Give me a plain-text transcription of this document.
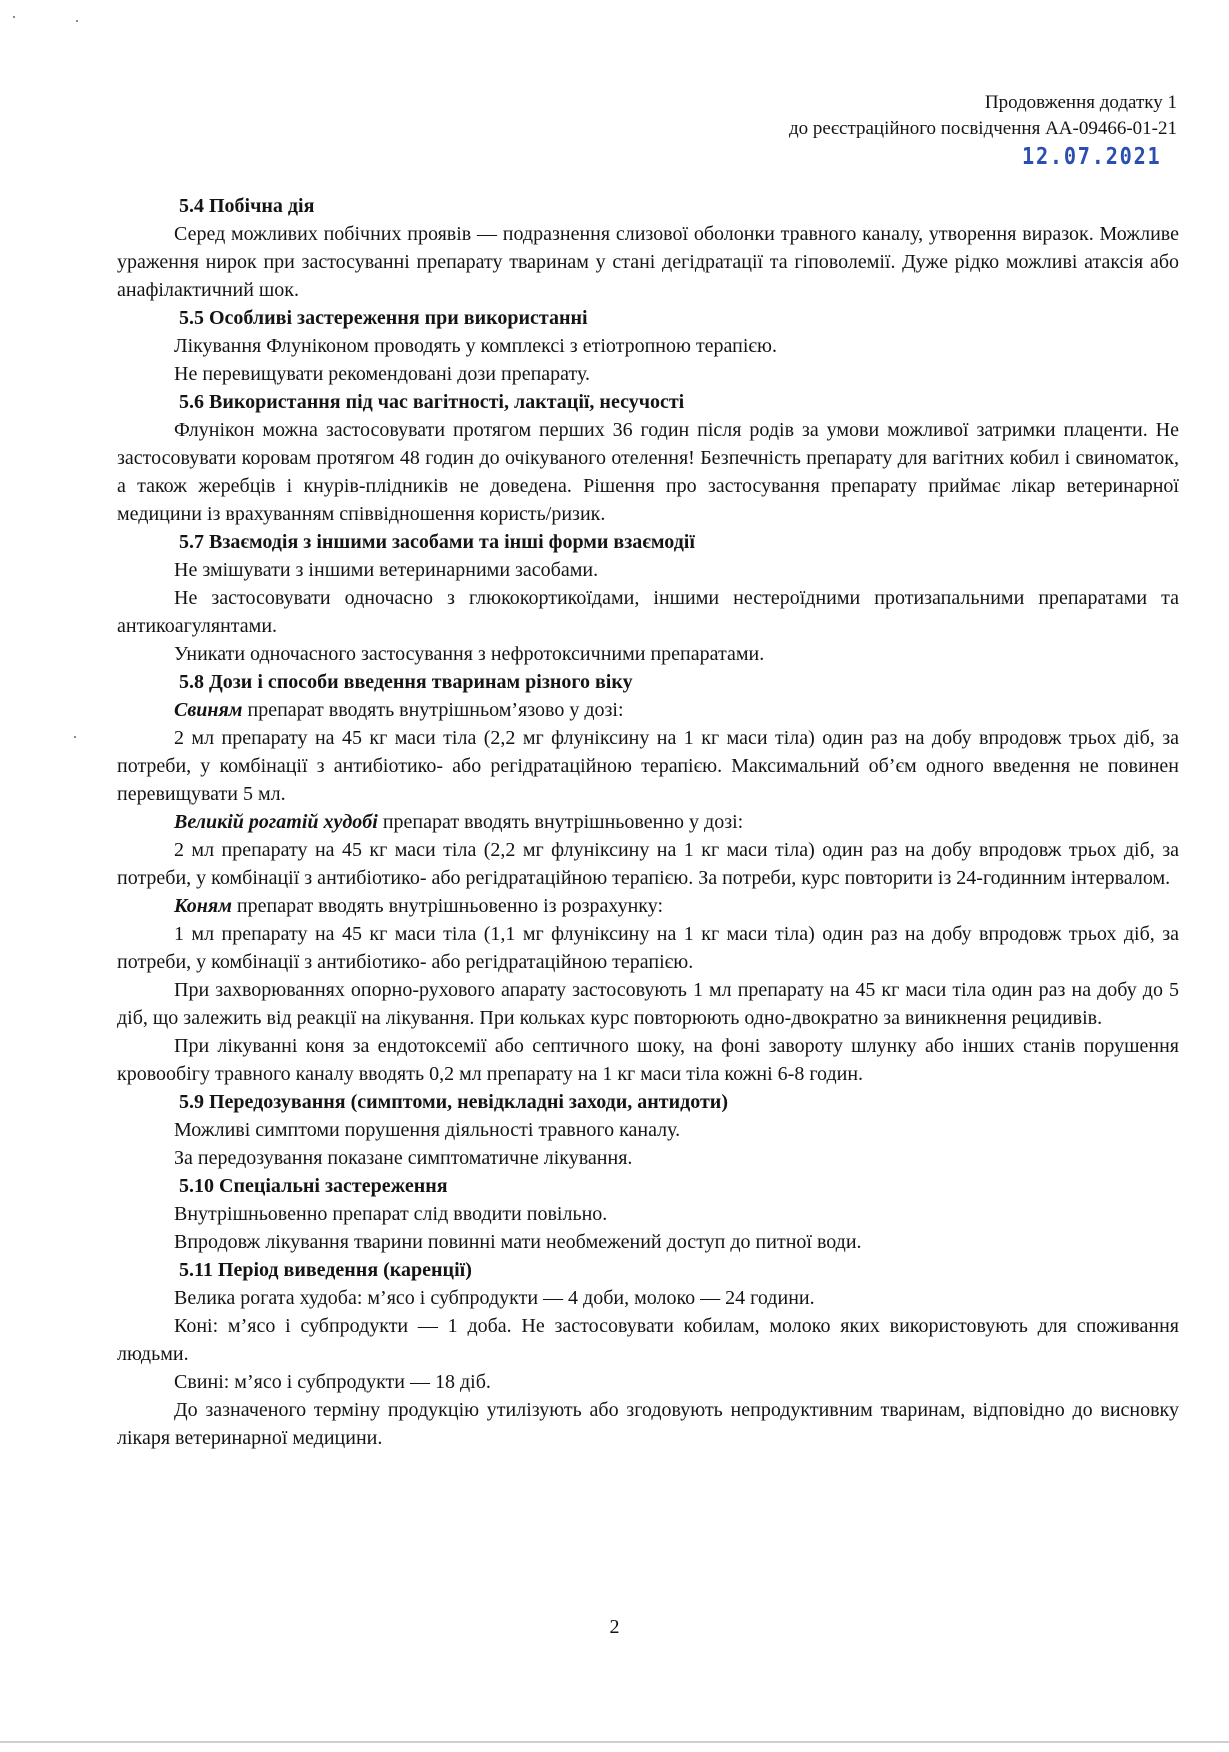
Продовження додатку 1
до реєстраційного посвідчення АА-09466-01-21
12.07.2021
5.4 Побічна дія

Серед можливих побічних проявів — подразнення слизової оболонки травного каналу, утворення виразок. Можливе ураження нирок при застосуванні препарату тваринам у стані дегідратації та гіповолемії. Дуже рідко можливі атаксія або анафілактичний шок.

5.5 Особливі застереження при використанні

Лікування Флуніконом проводять у комплексі з етіотропною терапією.

Не перевищувати рекомендовані дози препарату.

5.6 Використання під час вагітності, лактації, несучості

Флунікон можна застосовувати протягом перших 36 годин після родів за умови можливої затримки плаценти. Не застосовувати коровам протягом 48 годин до очікуваного отелення! Безпечність препарату для вагітних кобил і свиноматок, а також жеребців і кнурів-плідників не доведена. Рішення про застосування препарату приймає лікар ветеринарної медицини із врахуванням співвідношення користь/ризик.

5.7 Взаємодія з іншими засобами та інші форми взаємодії

Не змішувати з іншими ветеринарними засобами.

Не застосовувати одночасно з глюкокортикоїдами, іншими нестероїдними протизапальними препаратами та антикоагулянтами.

Уникати одночасного застосування з нефротоксичними препаратами.

5.8 Дози і способи введення тваринам різного віку

Свиням препарат вводять внутрішньом’язово у дозі:

2 мл препарату на 45 кг маси тіла (2,2 мг флуніксину на 1 кг маси тіла) один раз на добу впродовж трьох діб, за потреби, у комбінації з антибіотико- або регідратаційною терапією. Максимальний об’єм одного введення не повинен перевищувати 5 мл.

Великій рогатій худобі препарат вводять внутрішньовенно у дозі:

2 мл препарату на 45 кг маси тіла (2,2 мг флуніксину на 1 кг маси тіла) один раз на добу впродовж трьох діб, за потреби, у комбінації з антибіотико- або регідратаційною терапією. За потреби, курс повторити із 24-годинним інтервалом.

Коням препарат вводять внутрішньовенно із розрахунку:

1 мл препарату на 45 кг маси тіла (1,1 мг флуніксину на 1 кг маси тіла) один раз на добу впродовж трьох діб, за потреби, у комбінації з антибіотико- або регідратаційною терапією.

При захворюваннях опорно-рухового апарату застосовують 1 мл препарату на 45 кг маси тіла один раз на добу до 5 діб, що залежить від реакції на лікування. При кольках курс повторюють одно-двократно за виникнення рецидивів.

При лікуванні коня за ендотоксемії або септичного шоку, на фоні завороту шлунку або інших станів порушення кровообігу травного каналу вводять 0,2 мл препарату на 1 кг маси тіла кожні 6-8 годин.

5.9 Передозування (симптоми, невідкладні заходи, антидоти)

Можливі симптоми порушення діяльності травного каналу.

За передозування показане симптоматичне лікування.

5.10 Спеціальні застереження

Внутрішньовенно препарат слід вводити повільно.

Впродовж лікування тварини повинні мати необмежений доступ до питної води.

5.11 Період виведення (каренції)

Велика рогата худоба: м’ясо і субпродукти — 4 доби, молоко — 24 години.

Коні: м’ясо і субпродукти — 1 доба. Не застосовувати кобилам, молоко яких використовують для споживання людьми.

Свині: м’ясо і субпродукти — 18 діб.

До зазначеного терміну продукцію утилізують або згодовують непродуктивним тваринам, відповідно до висновку лікаря ветеринарної медицини.

2
